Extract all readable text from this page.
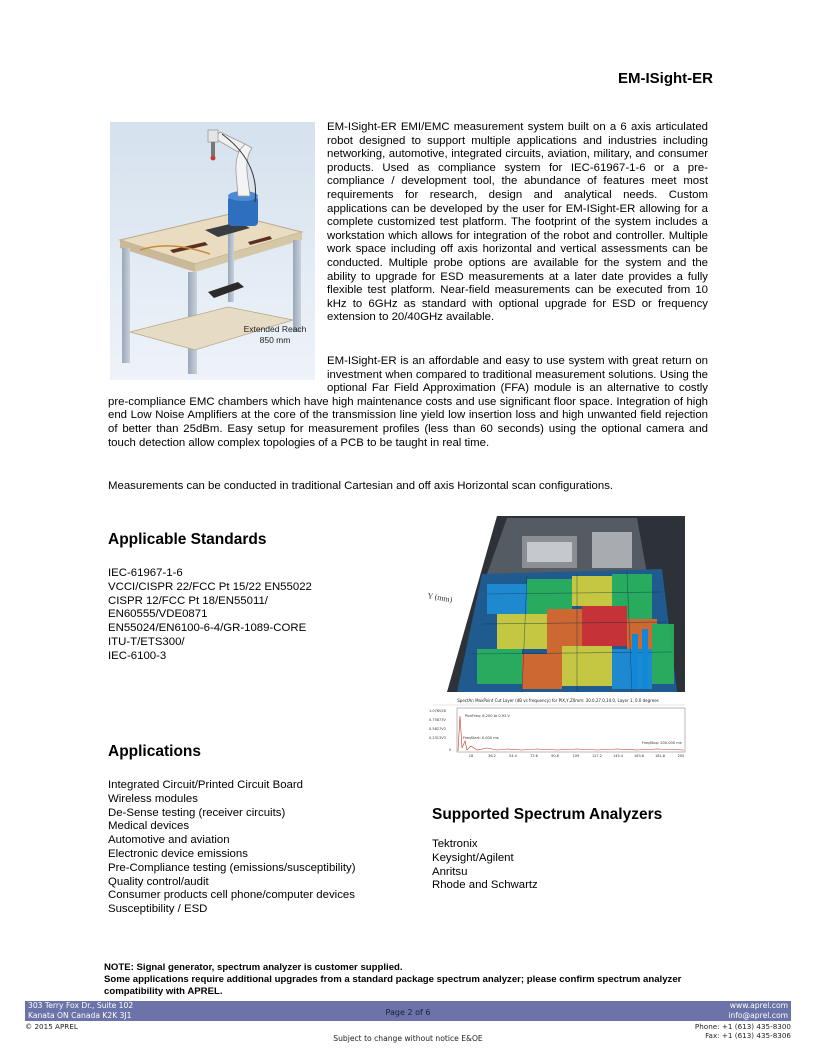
EM-ISight-ER
Extended Reach
850 mm
EM-ISight-ER EMI/EMC measurement system built on a 6 axis articulated robot designed to support multiple applications and industries including networking, automotive, integrated circuits, aviation, military, and consumer products. Used as compliance system for IEC-61967-1-6 or a pre-compliance / development tool, the abundance of features meet most requirements for research, design and analytical needs. Custom applications can be developed by the user for EM-ISight-ER allowing for a complete customized test platform. The footprint of the system includes a workstation which allows for integration of the robot and controller. Multiple work space including off axis horizontal and vertical assessments can be conducted. Multiple probe options are available for the system and the ability to upgrade for ESD measurements at a later date provides a fully flexible test platform. Near-field measurements can be executed from 10 kHz to 6GHz as standard with optional upgrade for ESD or frequency extension to 20/40GHz available.
EM-ISight-ER is an affordable and easy to use system with great return on investment when compared to traditional measurement solutions. Using the optional Far Field Approximation (FFA) module is an alternative to costly pre-compliance EMC chambers which have high maintenance costs and use significant floor space. Integration of high end Low Noise Amplifiers at the core of the transmission line yield low insertion loss and high unwanted field rejection of better than 25dBm. Easy setup for measurement profiles (less than 60 seconds) using the optional camera and touch detection allow complex topologies of a PCB to be taught in real time.
Measurements can be conducted in traditional Cartesian and off axis Horizontal scan configurations.
Applicable Standards
IEC-61967-1-6
VCCI/CISPR 22/FCC Pt 15/22 EN55022
CISPR 12/FCC Pt 18/EN55011/
EN60555/VDE0871
EN55024/EN6100-6-4/GR-1089-CORE
ITU-T/ETS300/
IEC-6100-3
Y (mm)
SpectAn MaxPoint Cut Layer (dB vs frequency) for PIX,Y,Z0mm: 30.0,27.0,14.0, Layer 1, 0.0 degrees
1.076V28
0.75873V
0.5827V3
0.2313V3
0
18	36.2	54.4	72.6	90.8	109	127.2	145.4	163.6	181.8	200
PickFreq: 8.200 to 0.92 V
FreqStart: 0.000 ms
FreqStop: 200.000 ms
Applications
Integrated Circuit/Printed Circuit Board
Wireless modules
De-Sense testing (receiver circuits)
Medical devices
Automotive and aviation
Electronic device emissions
Pre-Compliance testing (emissions/susceptibility)
Quality control/audit
Consumer products cell phone/computer devices
Susceptibility / ESD
Supported Spectrum Analyzers
Tektronix
Keysight/Agilent
Anritsu
Rhode and Schwartz
NOTE: Signal generator, spectrum analyzer is customer supplied.
Some applications require additional upgrades from a standard package spectrum analyzer; please confirm spectrum analyzer compatibility with APREL.
303 Terry Fox Dr., Suite 102
Kanata ON Canada K2K 3J1	Page 2 of 6
www.aprel.com
info@aprel.com
© 2015 APREL	Phone: +1 (613) 435-8300
Fax: +1 (613) 435-8306
Subject to change without notice E&OE
